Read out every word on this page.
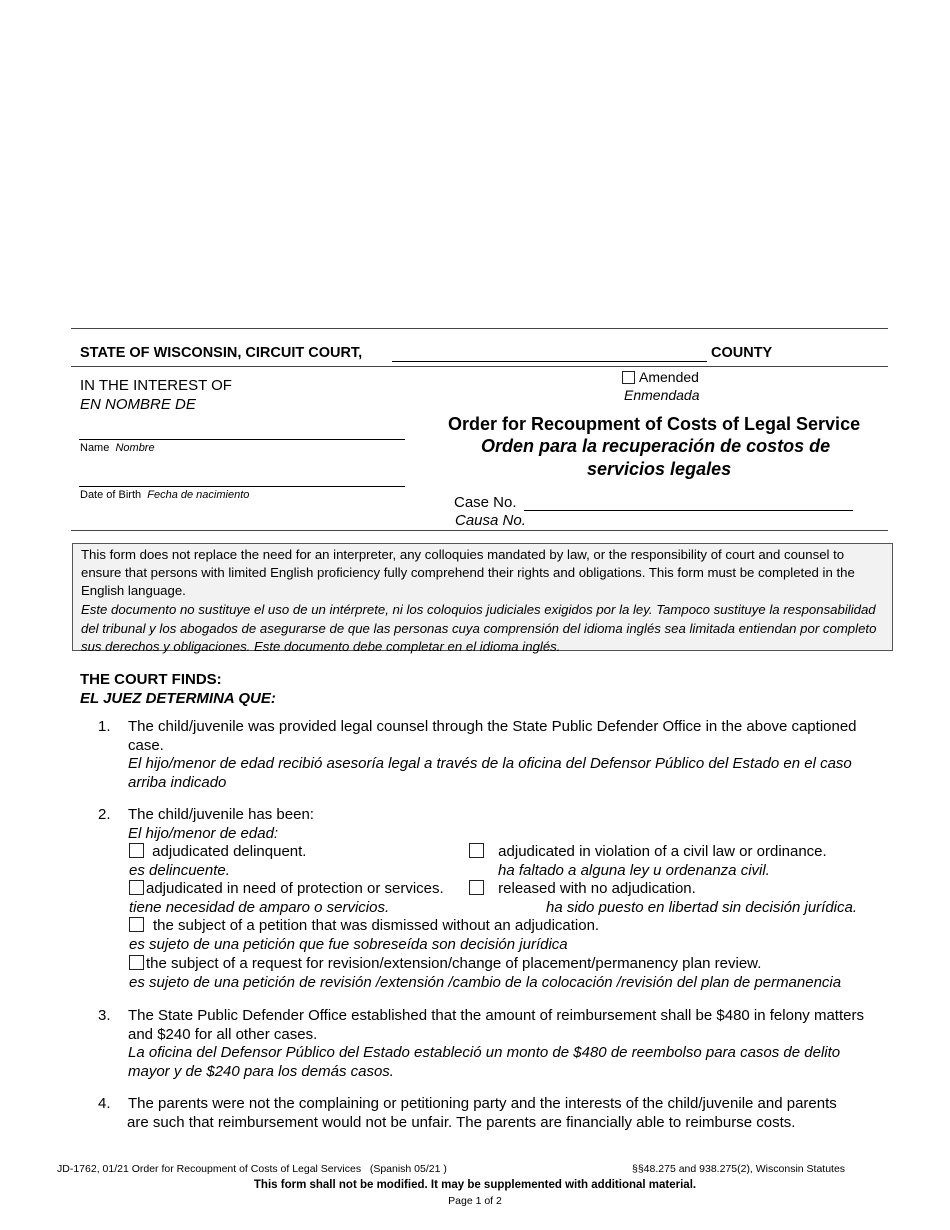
STATE OF WISCONSIN, CIRCUIT COURT,	COUNTY
IN THE INTEREST OF
EN NOMBRE DE
Name Nombre
Date of Birth Fecha de nacimiento
Amended
Enmendada
Order for Recoupment of Costs of Legal Service
Orden para la recuperación de costos de
servicios legales
Case No.
Causa No.
This form does not replace the need for an interpreter, any colloquies mandated by law, or the responsibility of court and counsel to ensure that persons with limited English proficiency fully comprehend their rights and obligations. This form must be completed in the English language.
Este documento no sustituye el uso de un intérprete, ni los coloquios judiciales exigidos por la ley. Tampoco sustituye la responsabilidad del tribunal y los abogados de asegurarse de que las personas cuya comprensión del idioma inglés sea limitada entiendan por completo sus derechos y obligaciones. Este documento debe completar en el idioma inglés.
THE COURT FINDS:
EL JUEZ DETERMINA QUE:
1. The child/juvenile was provided legal counsel through the State Public Defender Office in the above captioned
case.
El hijo/menor de edad recibió asesoría legal a través de la oficina del Defensor Público del Estado en el caso
arriba indicado
2. The child/juvenile has been:
El hijo/menor de edad:
adjudicated delinquent.
es delincuente.
adjudicated in violation of a civil law or ordinance.
ha faltado a alguna ley u ordenanza civil.
adjudicated in need of protection or services.
tiene necesidad de amparo o servicios.
released with no adjudication.
ha sido puesto en libertad sin decisión jurídica.
the subject of a petition that was dismissed without an adjudication.
es sujeto de una petición que fue sobreseída son decisión jurídica
the subject of a request for revision/extension/change of placement/permanency plan review.
es sujeto de una petición de revisión /extensión /cambio de la colocación /revisión del plan de permanencia
3. The State Public Defender Office established that the amount of reimbursement shall be $480 in felony matters
and $240 for all other cases.
La oficina del Defensor Público del Estado estableció un monto de $480 de reembolso para casos de delito
mayor y de $240 para los demás casos.
4. The parents were not the complaining or petitioning party and the interests of the child/juvenile and parents
are such that reimbursement would not be unfair. The parents are financially able to reimburse costs.
JD-1762, 01/21 Order for Recoupment of Costs of Legal Services   (Spanish 05/21 )	§§48.275 and 938.275(2), Wisconsin Statutes
This form shall not be modified. It may be supplemented with additional material.
Page 1 of 2
